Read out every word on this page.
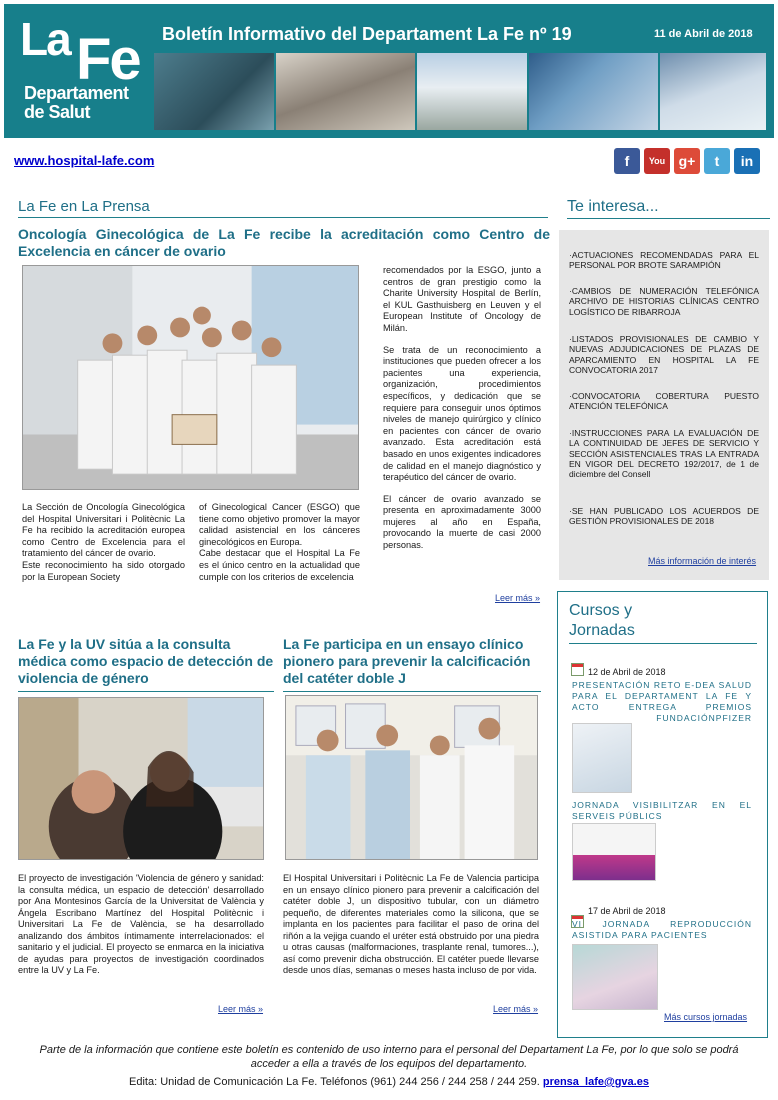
La Fe
Departament
de Salut
Boletín Informativo del Departament La Fe nº 19	11 de Abril de 2018
www.hospital-lafe.com	f	You g+	t	in
La Fe en La Prensa
Oncología Ginecológica de La Fe recibe la acreditación como Centro de Excelencia en cáncer de ovario
La Sección de Oncología Ginecológica del Hospital Universitari i Politècnic La Fe ha recibido la acreditación europea como Centro de Excelencia para el tratamiento del cáncer de ovario.
Este reconocimiento ha sido otorgado por la European Society
of Ginecological Cancer (ESGO) que tiene como objetivo promover la mayor calidad asistencial en los cánceres ginecológicos en Europa.
Cabe destacar que el Hospital La Fe es el único centro en la actualidad que cumple con los criterios de excelencia

recomendados por la ESGO, junto a centros de gran prestigio como la Charite University Hospital de Berlín, el KUL Gasthuisberg en Leuven y el European Institute of Oncology de Milán.

Se trata de un reconocimiento a instituciones que pueden ofrecer a los pacientes una experiencia, organización, procedimientos específicos, y dedicación que se requiere para conseguir unos óptimos niveles de manejo quirúrgico y clínico en pacientes con cáncer de ovario avanzado. Esta acreditación está basado en unos exigentes indicadores de calidad en el manejo diagnóstico y terapéutico del cáncer de ovario.

El cáncer de ovario avanzado se presenta en aproximadamente 3000 mujeres al año en España, provocando la muerte de casi 2000 personas.

Leer más »
La Fe y la UV sitúa a la consulta médica como espacio de detección de violencia de género

El proyecto de investigación 'Violencia de género y sanidad: la consulta médica, un espacio de detección' desarrollado por Ana Montesinos García de la Universitat de València y Ángela Escribano Martínez del Hospital Politècnic i Universitari La Fe de València, se ha desarrollado analizando dos ámbitos íntimamente interrelacionados: el sanitario y el judicial. El proyecto se enmarca en la iniciativa de ayudas para proyectos de investigación coordinados entre la UV y La Fe.

Leer más »
La Fe participa en un ensayo clínico pionero para prevenir la calcificación del catéter doble J

El Hospital Universitari i Politècnic La Fe de Valencia participa en un ensayo clínico pionero para prevenir a calcificación del catéter doble J, un dispositivo tubular, con un diámetro pequeño, de diferentes materiales como la silicona, que se implanta en los pacientes para facilitar el paso de orina del riñón a la vejiga cuando el uréter está obstruido por una piedra u otras causas (malformaciones, trasplante renal, tumores...), así como prevenir dicha obstrucción. El catéter puede llevarse desde unos días, semanas o meses hasta incluso de por vida.

Leer más »
Te interesa...
·ACTUACIONES RECOMENDADAS PARA EL PERSONAL POR BROTE SARAMPIÓN
·CAMBIOS DE NUMERACIÓN TELEFÓNICA ARCHIVO DE HISTORIAS CLÍNICAS CENTRO LOGÍSTICO DE RIBARROJA
·LISTADOS PROVISIONALES DE CAMBIO Y NUEVAS ADJUDICACIONES DE PLAZAS DE APARCAMIENTO EN HOSPITAL LA FE CONVOCATORIA 2017
·CONVOCATORIA COBERTURA PUESTO ATENCIÓN TELEFÓNICA
·INSTRUCCIONES PARA LA EVALUACIÓN DE LA CONTINUIDAD DE JEFES DE SERVICIO Y SECCIÓN ASISTENCIALES TRAS LA ENTRADA EN VIGOR DEL DECRETO 192/2017, de 1 de diciembre del Consell
·SE HAN PUBLICADO LOS ACUERDOS DE GESTIÓN PROVISIONALES DE 2018
Más información de interés
Cursos y
Jornadas
12 de Abril de 2018
PRESENTACIÓN RETO E-DEA SALUD PARA EL DEPARTAMENT LA FE Y ACTO ENTREGA PREMIOS FUNDACIÓNPFIZER
JORNADA VISIBILITZAR EN EL SERVEIS PÚBLICS
17 de Abril de 2018
VI JORNADA REPRODUCCIÓN ASISTIDA PARA PACIENTES
Más cursos jornadas
Parte de la información que contiene este boletín es contenido de uso interno para el personal del Departament La Fe, por lo que solo se podrá acceder a ella a través de los equipos del departamento.
Edita: Unidad de Comunicación La Fe. Teléfonos (961) 244 256 / 244 258 / 244 259. prensa_lafe@gva.es
